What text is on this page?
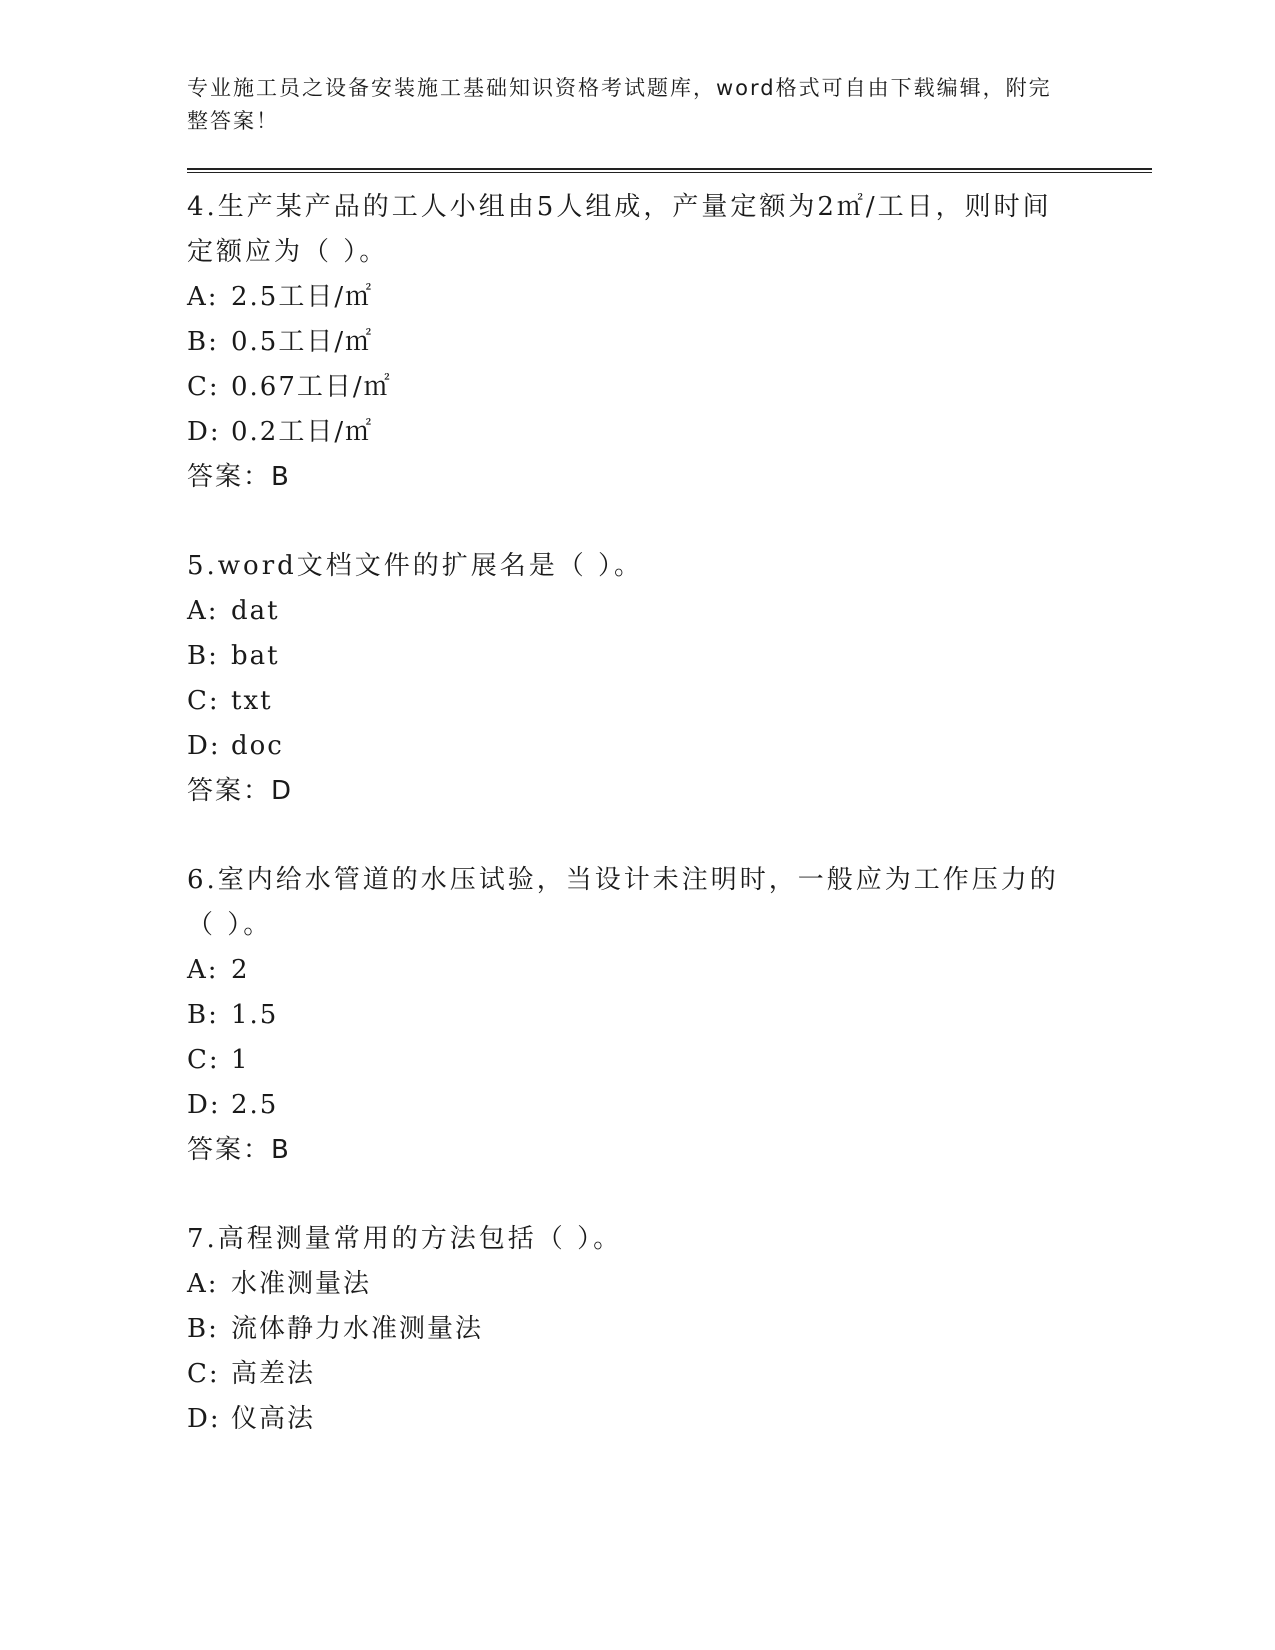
专业施工员之设备安装施工基础知识资格考试题库，word格式可自由下载编辑，附完整答案！

4.生产某产品的工人小组由5人组成，产量定额为2㎡/工日，则时间定额应为（ ）。

A: 2.5工日/㎡

B: 0.5工日/㎡

C: 0.67工日/㎡

D: 0.2工日/㎡

答案：B

5.word文档文件的扩展名是（ ）。

A: dat

B: bat

C: txt

D: doc

答案：D

6.室内给水管道的水压试验，当设计未注明时，一般应为工作压力的（ ）。

A: 2

B: 1.5

C: 1

D: 2.5

答案：B

7.高程测量常用的方法包括（ ）。

A: 水准测量法

B: 流体静力水准测量法

C: 高差法

D: 仪高法
